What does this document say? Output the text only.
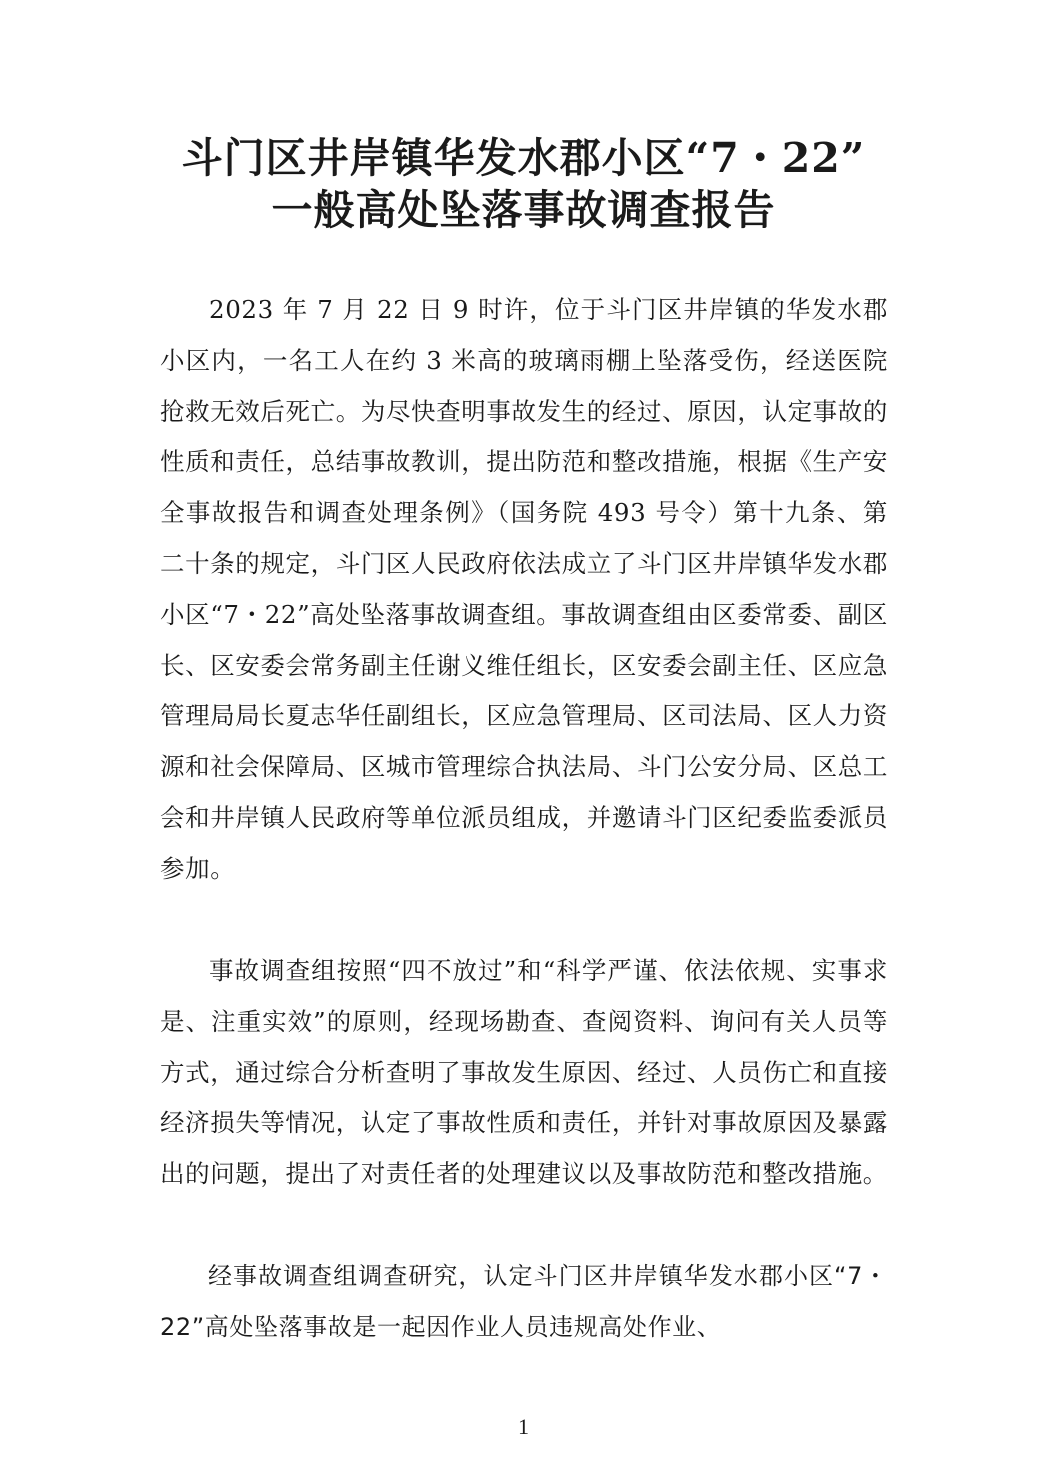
斗门区井岸镇华发水郡小区“7・22”
一般高处坠落事故调查报告

2023 年 7 月 22 日 9 时许，位于斗门区井岸镇的华发水郡小区内，一名工人在约 3 米高的玻璃雨棚上坠落受伤，经送医院抢救无效后死亡。为尽快查明事故发生的经过、原因，认定事故的性质和责任，总结事故教训，提出防范和整改措施，根据《生产安全事故报告和调查处理条例》（国务院 493 号令）第十九条、第二十条的规定，斗门区人民政府依法成立了斗门区井岸镇华发水郡小区“7・22”高处坠落事故调查组。事故调查组由区委常委、副区长、区安委会常务副主任谢义维任组长，区安委会副主任、区应急管理局局长夏志华任副组长，区应急管理局、区司法局、区人力资源和社会保障局、区城市管理综合执法局、斗门公安分局、区总工会和井岸镇人民政府等单位派员组成，并邀请斗门区纪委监委派员参加。

事故调查组按照“四不放过”和“科学严谨、依法依规、实事求是、注重实效”的原则，经现场勘查、查阅资料、询问有关人员等方式，通过综合分析查明了事故发生原因、经过、人员伤亡和直接经济损失等情况，认定了事故性质和责任，并针对事故原因及暴露出的问题，提出了对责任者的处理建议以及事故防范和整改措施。

经事故调查组调查研究，认定斗门区井岸镇华发水郡小区“7・22”高处坠落事故是一起因作业人员违规高处作业、

1
